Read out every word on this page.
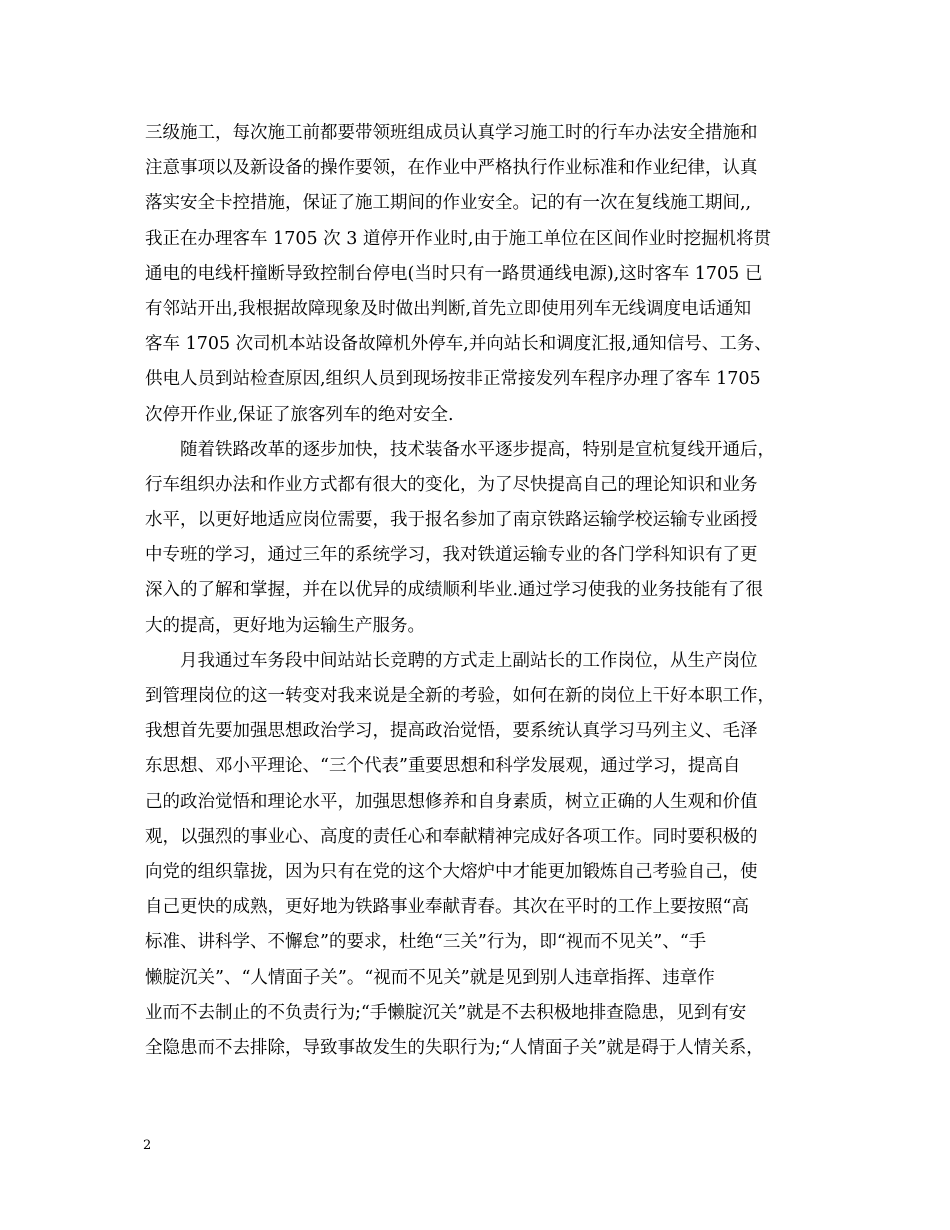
三级施工，每次施工前都要带领班组成员认真学习施工时的行车办法安全措施和
注意事项以及新设备的操作要领，在作业中严格执行作业标准和作业纪律，认真
落实安全卡控措施，保证了施工期间的作业安全。记的有一次在复线施工期间,,
我正在办理客车 1705 次 3 道停开作业时,由于施工单位在区间作业时挖掘机将贯
通电的电线杆撞断导致控制台停电(当时只有一路贯通线电源),这时客车 1705 已
有邻站开出,我根据故障现象及时做出判断,首先立即使用列车无线调度电话通知
客车 1705 次司机本站设备故障机外停车,并向站长和调度汇报,通知信号、工务、
供电人员到站检查原因,组织人员到现场按非正常接发列车程序办理了客车 1705
次停开作业,保证了旅客列车的绝对安全.
随着铁路改革的逐步加快，技术装备水平逐步提高，特别是宣杭复线开通后，
行车组织办法和作业方式都有很大的变化，为了尽快提高自己的理论知识和业务
水平，以更好地适应岗位需要，我于报名参加了南京铁路运输学校运输专业函授
中专班的学习，通过三年的系统学习，我对铁道运输专业的各门学科知识有了更
深入的了解和掌握，并在以优异的成绩顺利毕业.通过学习使我的业务技能有了很
大的提高，更好地为运输生产服务。
月我通过车务段中间站站长竞聘的方式走上副站长的工作岗位，从生产岗位
到管理岗位的这一转变对我来说是全新的考验，如何在新的岗位上干好本职工作，
我想首先要加强思想政治学习，提高政治觉悟，要系统认真学习马列主义、毛泽
东思想、邓小平理论、“三个代表”重要思想和科学发展观，通过学习，提高自
己的政治觉悟和理论水平，加强思想修养和自身素质，树立正确的人生观和价值
观，以强烈的事业心、高度的责任心和奉献精神完成好各项工作。同时要积极的
向党的组织靠拢，因为只有在党的这个大熔炉中才能更加锻炼自己考验自己，使
自己更快的成熟，更好地为铁路事业奉献青春。其次在平时的工作上要按照“高
标准、讲科学、不懈怠”的要求，杜绝“三关”行为，即“视而不见关”、“手
懒腚沉关”、“人情面子关”。“视而不见关”就是见到别人违章指挥、违章作
业而不去制止的不负责行为;“手懒腚沉关”就是不去积极地排查隐患，见到有安
全隐患而不去排除，导致事故发生的失职行为;“人情面子关”就是碍于人情关系，
2
